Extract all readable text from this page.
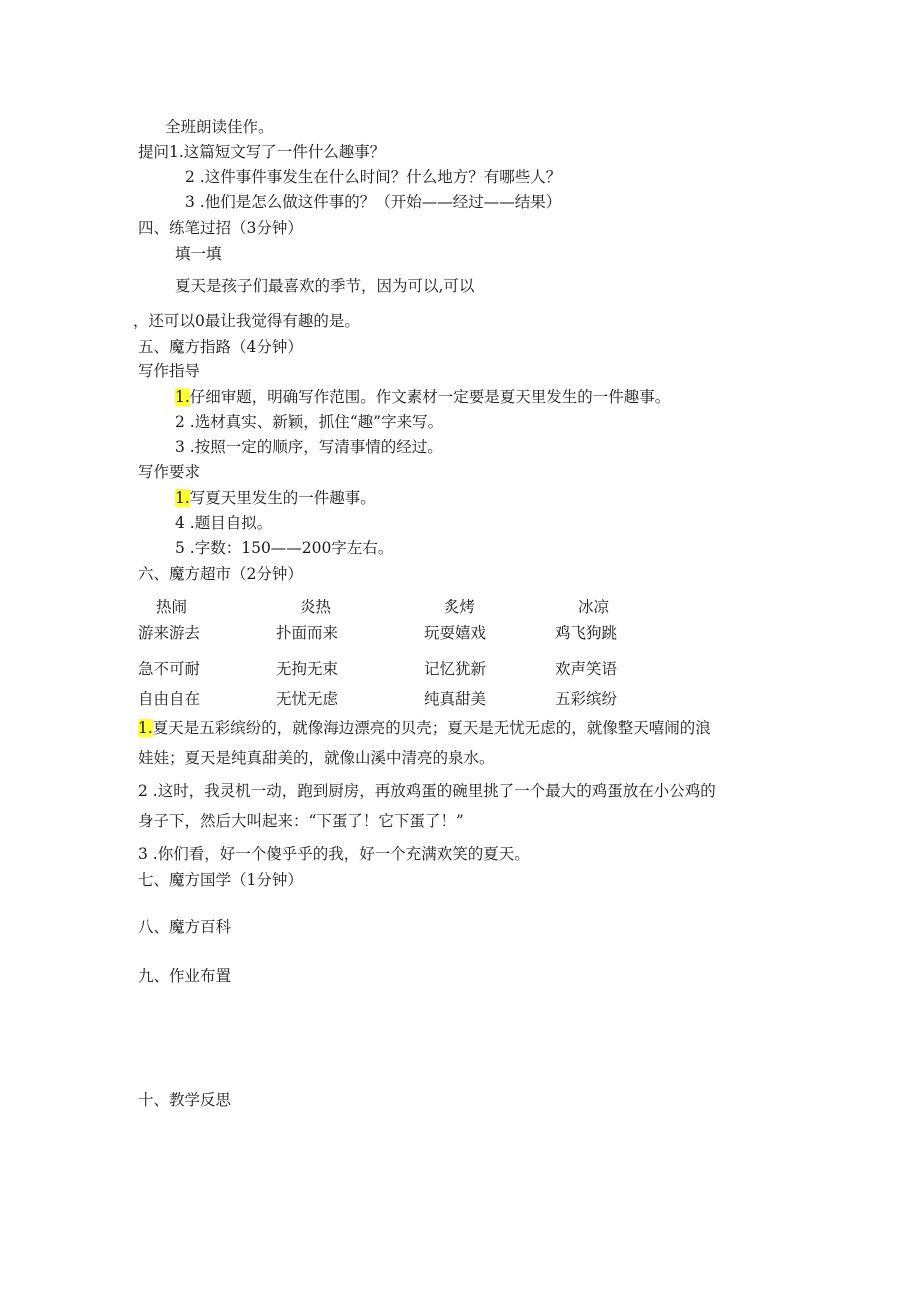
全班朗读佳作。
提问1.这篇短文写了一件什么趣事？
2 .这件事件事发生在什么时间？什么地方？有哪些人？
3 .他们是怎么做这件事的？（开始——经过——结果）
四、练笔过招（3分钟）
填一填
夏天是孩子们最喜欢的季节，因为可以,可以
，还可以0最让我觉得有趣的是。
五、魔方指路（4分钟）
写作指导
1.仔细审题，明确写作范围。作文素材一定要是夏天里发生的一件趣事。
2 .选材真实、新颖，抓住“趣”字来写。
3 .按照一定的顺序，写清事情的经过。
写作要求
1.写夏天里发生的一件趣事。
4 .题目自拟。
5 .字数：150——200字左右。
六、魔方超市（2分钟）
热闹	炎热	炙烤	冰凉
游来游去	扑面而来	玩耍嬉戏	鸡飞狗跳
急不可耐	无拘无束	记忆犹新	欢声笑语
自由自在	无忧无虑	纯真甜美	五彩缤纷
1.夏天是五彩缤纷的，就像海边漂亮的贝壳；夏天是无忧无虑的，就像整天嘻闹的浪
娃娃；夏天是纯真甜美的，就像山溪中清亮的泉水。
2 .这时，我灵机一动，跑到厨房，再放鸡蛋的碗里挑了一个最大的鸡蛋放在小公鸡的
身子下，然后大叫起来：“下蛋了！它下蛋了！”
3 .你们看，好一个傻乎乎的我，好一个充满欢笑的夏天。
七、魔方国学（1分钟）
八、魔方百科
九、作业布置
十、教学反思
